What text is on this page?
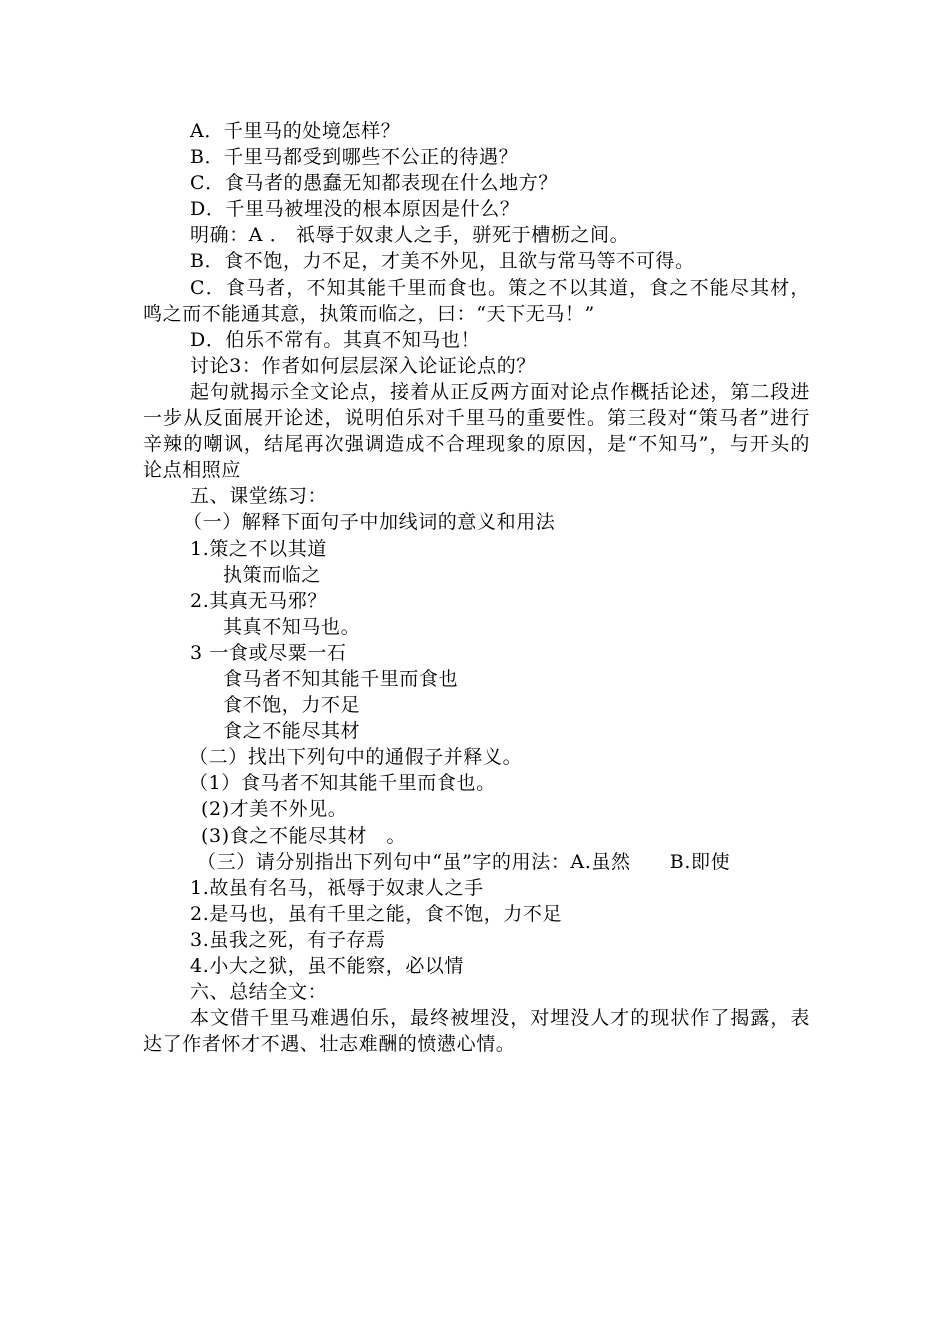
A．千里马的处境怎样？

B．千里马都受到哪些不公正的待遇？

C．食马者的愚蠢无知都表现在什么地方？

D．千里马被埋没的根本原因是什么？

明确：A ． 祇辱于奴隶人之手，骈死于槽枥之间。

B．食不饱，力不足，才美不外见，且欲与常马等不可得。

C．食马者，不知其能千里而食也。策之不以其道，食之不能尽其材，鸣之而不能通其意，执策而临之，曰：“天下无马！”

D．伯乐不常有。其真不知马也！

讨论3：作者如何层层深入论证论点的？

起句就揭示全文论点，接着从正反两方面对论点作概括论述，第二段进一步从反面展开论述，说明伯乐对千里马的重要性。第三段对“策马者”进行辛辣的嘲讽，结尾再次强调造成不合理现象的原因，是“不知马”，与开头的论点相照应

五、课堂练习：

（一）解释下面句子中加线词的意义和用法

1.策之不以其道

执策而临之

2.其真无马邪？

其真不知马也。

3 一食或尽粟一石

食马者不知其能千里而食也

食不饱，力不足

食之不能尽其材

（二）找出下列句中的通假子并释义。

（1）食马者不知其能千里而食也。

(2)才美不外见。

(3)食之不能尽其材　。

（三）请分别指出下列句中“虽”字的用法：A.虽然　　B.即使

1.故虽有名马，祇辱于奴隶人之手

2.是马也，虽有千里之能，食不饱，力不足

3.虽我之死，有子存焉

4.小大之狱，虽不能察，必以情

六、总结全文：

本文借千里马难遇伯乐，最终被埋没，对埋没人才的现状作了揭露，表达了作者怀才不遇、壮志难酬的愤懑心情。
